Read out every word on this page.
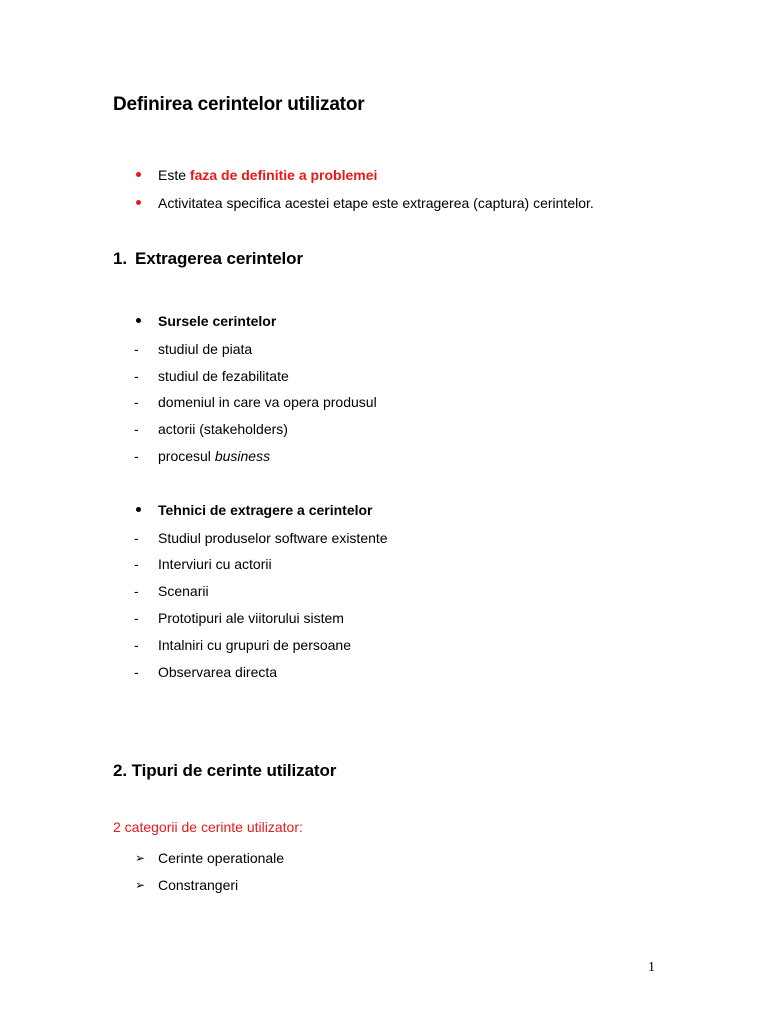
Definirea cerintelor utilizator
Este faza de definitie a problemei
Activitatea specifica acestei etape este extragerea (captura) cerintelor.
1. Extragerea cerintelor
Sursele cerintelor
- studiul de piata
- studiul de fezabilitate
- domeniul in care va opera produsul
- actorii (stakeholders)
- procesul business
Tehnici de extragere a cerintelor
- Studiul produselor software existente
- Interviuri cu actorii
- Scenarii
- Prototipuri ale viitorului sistem
- Intalniri cu grupuri de persoane
- Observarea directa
2. Tipuri de cerinte utilizator
2 categorii de cerinte utilizator:
➢ Cerinte operationale
➢ Constrangeri
1
